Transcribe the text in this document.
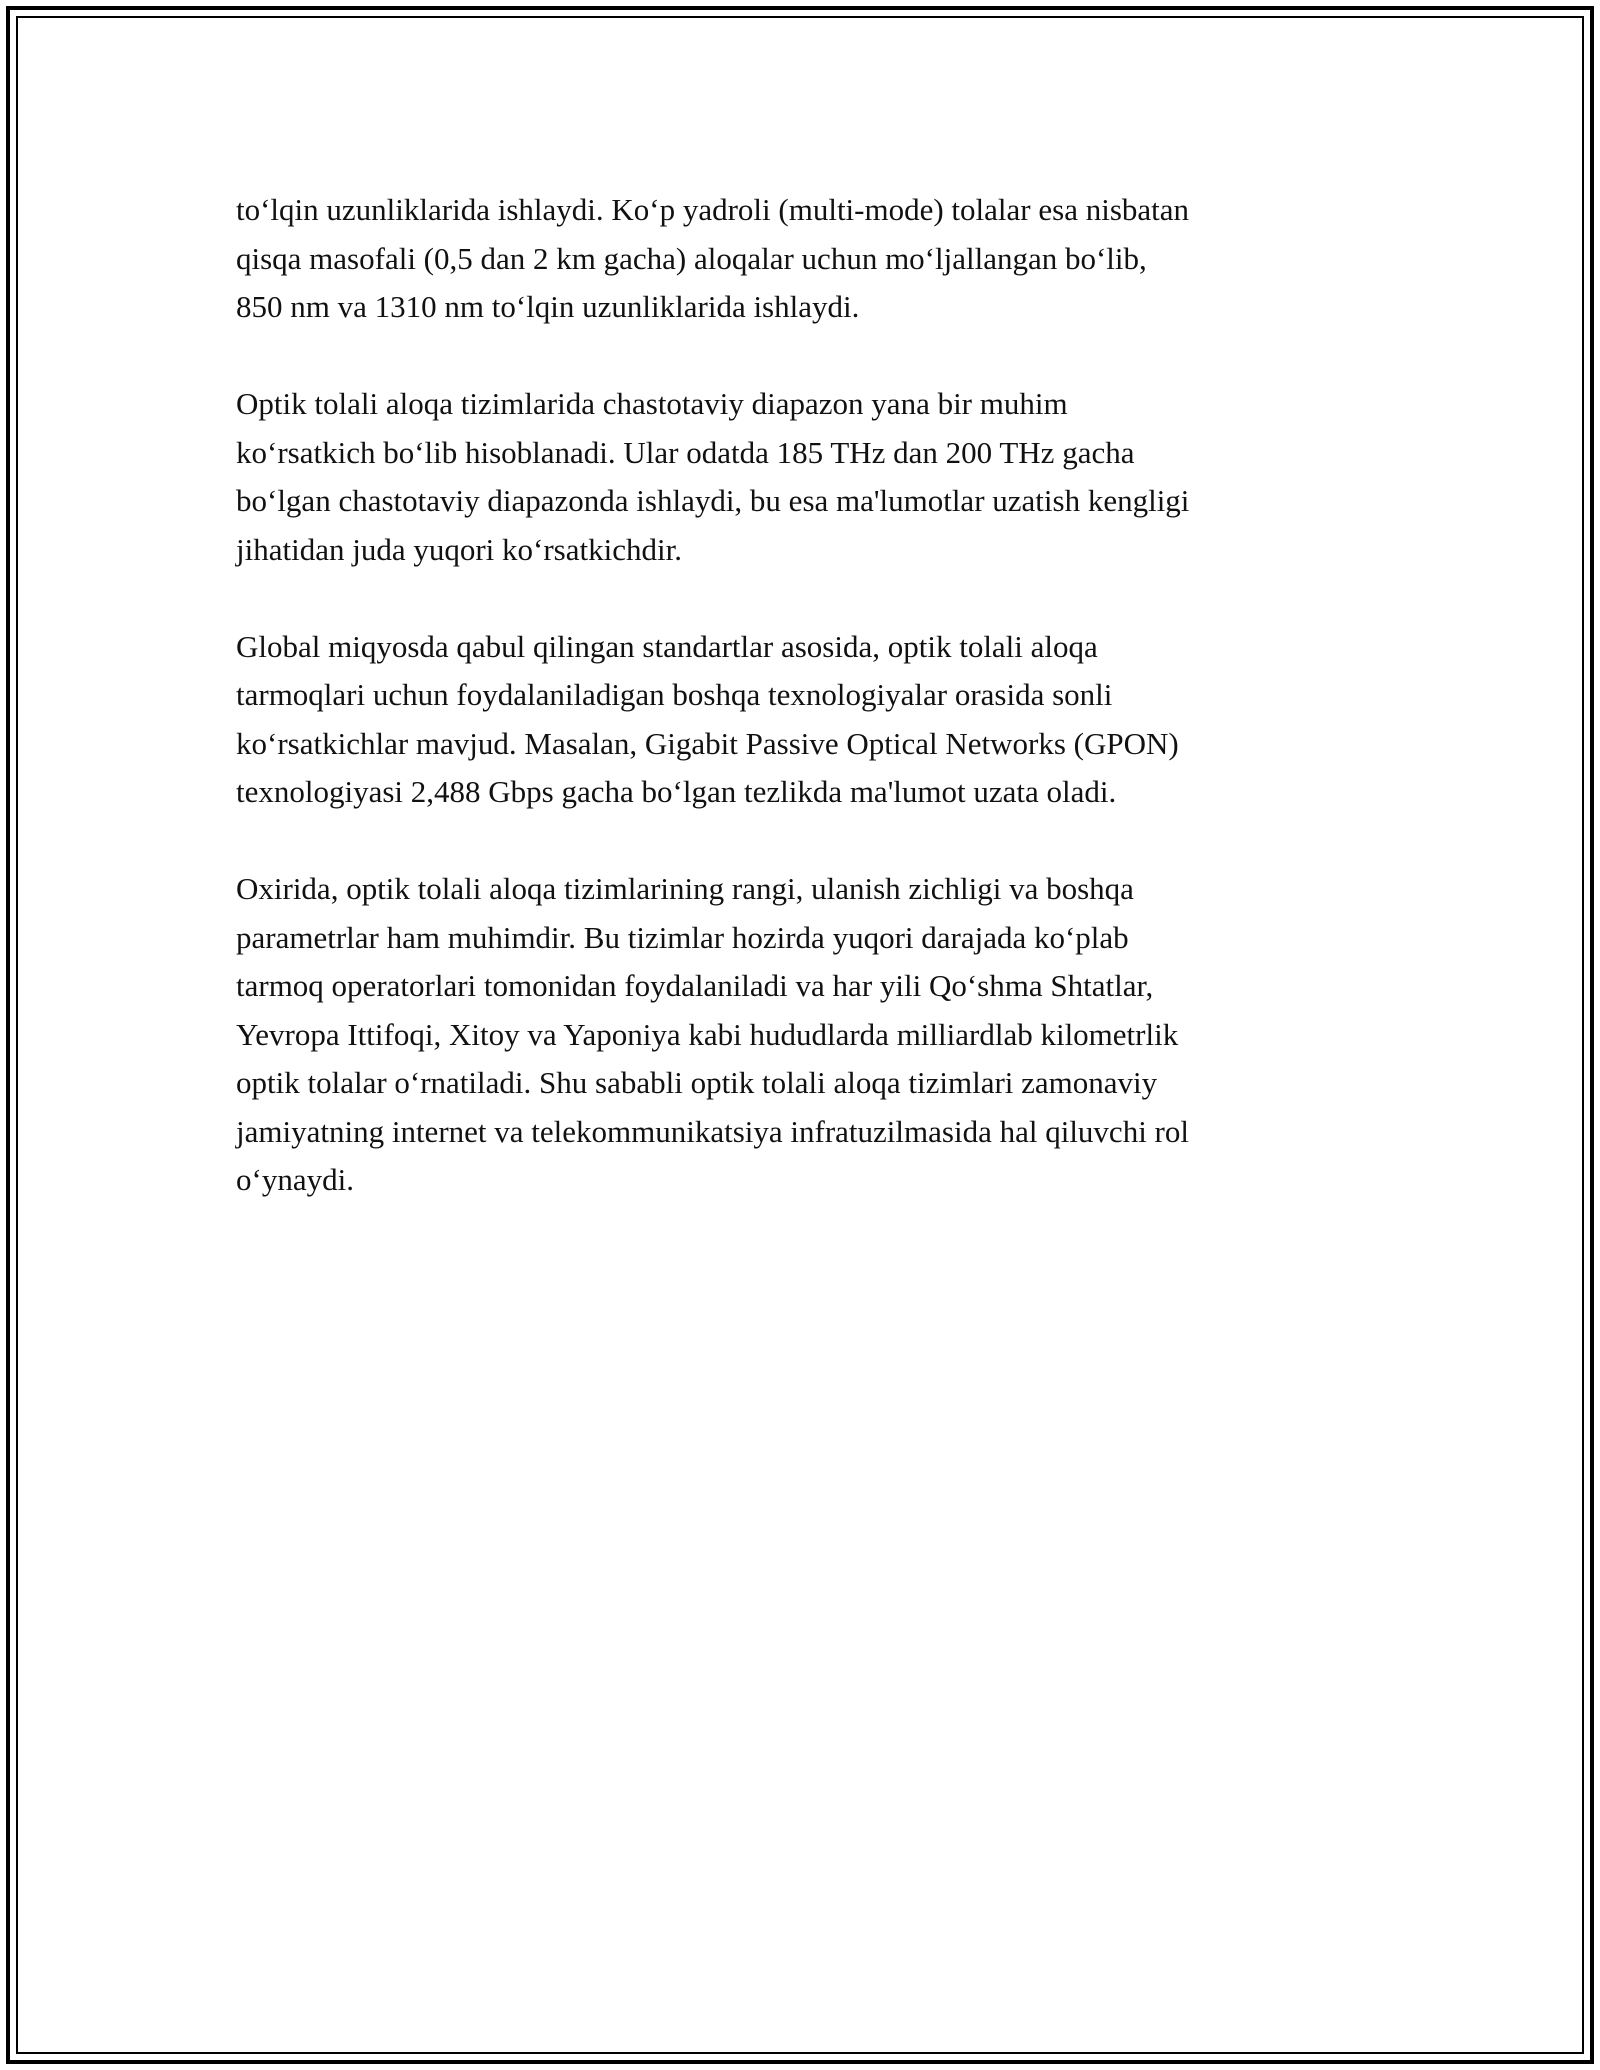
to‘lqin uzunliklarida ishlaydi. Ko‘p yadroli (multi-mode) tolalar esa nisbatan
qisqa masofali (0,5 dan 2 km gacha) aloqalar uchun mo‘ljallangan bo‘lib,
850 nm va 1310 nm to‘lqin uzunliklarida ishlaydi.

Optik tolali aloqa tizimlarida chastotaviy diapazon yana bir muhim
ko‘rsatkich bo‘lib hisoblanadi. Ular odatda 185 THz dan 200 THz gacha
bo‘lgan chastotaviy diapazonda ishlaydi, bu esa ma'lumotlar uzatish kengligi
jihatidan juda yuqori ko‘rsatkichdir.

Global miqyosda qabul qilingan standartlar asosida, optik tolali aloqa
tarmoqlari uchun foydalaniladigan boshqa texnologiyalar orasida sonli
ko‘rsatkichlar mavjud. Masalan, Gigabit Passive Optical Networks (GPON)
texnologiyasi 2,488 Gbps gacha bo‘lgan tezlikda ma'lumot uzata oladi.

Oxirida, optik tolali aloqa tizimlarining rangi, ulanish zichligi va boshqa
parametrlar ham muhimdir. Bu tizimlar hozirda yuqori darajada ko‘plab
tarmoq operatorlari tomonidan foydalaniladi va har yili Qo‘shma Shtatlar,
Yevropa Ittifoqi, Xitoy va Yaponiya kabi hududlarda milliardlab kilometrlik
optik tolalar o‘rnatiladi. Shu sababli optik tolali aloqa tizimlari zamonaviy
jamiyatning internet va telekommunikatsiya infratuzilmasida hal qiluvchi rol
o‘ynaydi.
